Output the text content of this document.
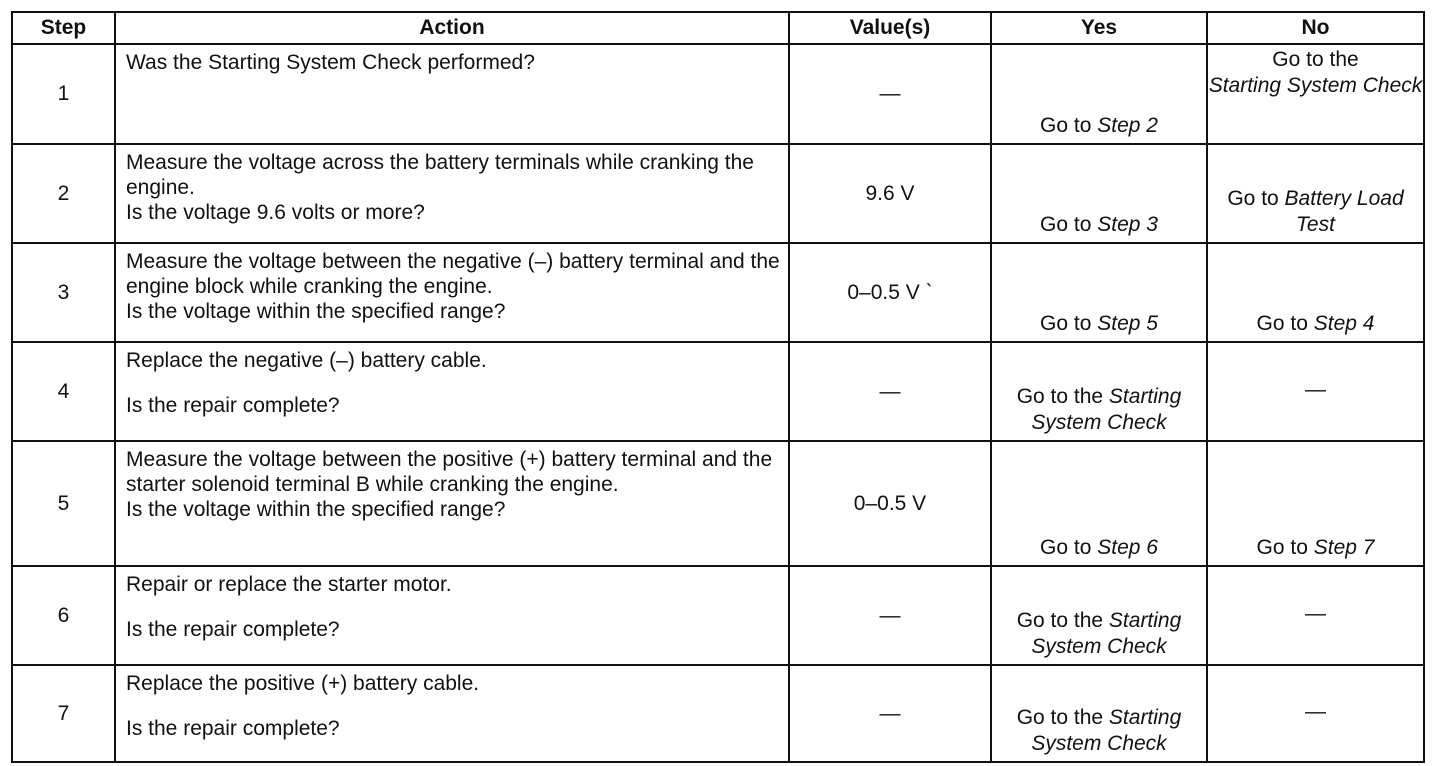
Step	Action	Value(s)	Yes	No
1	Was the Starting System Check performed?	—	Go to Step 2	Go to the
Starting System Check
2	Measure the voltage across the battery terminals while cranking the engine.
Is the voltage 9.6 volts or more?	9.6 V	Go to Step 3	Go to Battery Load Test
3	Measure the voltage between the negative (–) battery terminal and the engine block while cranking the engine.
Is the voltage within the specified range?	0–0.5 V `	Go to Step 5	Go to Step 4
4	Replace the negative (–) battery cable.
Is the repair complete?	—	Go to the Starting System Check	—
5	Measure the voltage between the positive (+) battery terminal and the starter solenoid terminal B while cranking the engine.
Is the voltage within the specified range?	0–0.5 V	Go to Step 6	Go to Step 7
6	Repair or replace the starter motor.
Is the repair complete?	—	Go to the Starting System Check	—
7	Replace the positive (+) battery cable.
Is the repair complete?	—	Go to the Starting System Check	—
